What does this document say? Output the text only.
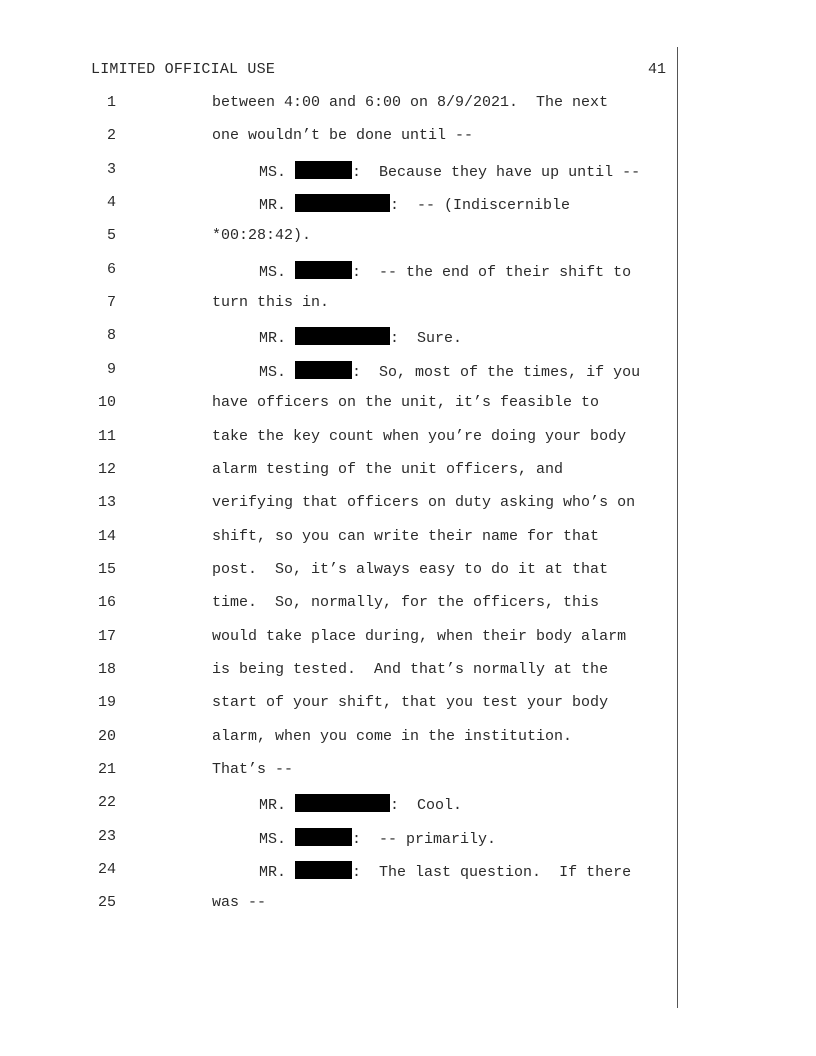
LIMITED OFFICIAL USE	41
1	between 4:00 and 6:00 on 8/9/2021.  The next
2	one wouldn’t be done until --
3	MS.	:  Because they have up until --
4	MR.	:  -- (Indiscernible
5	*00:28:42).
6	MS.	:  -- the end of their shift to
7	turn this in.
8	MR.	:  Sure.
9	MS.	:  So, most of the times, if you
10	have officers on the unit, it’s feasible to
11	take the key count when you’re doing your body
12	alarm testing of the unit officers, and
13	verifying that officers on duty asking who’s on
14	shift, so you can write their name for that
15	post.  So, it’s always easy to do it at that
16	time.  So, normally, for the officers, this
17	would take place during, when their body alarm
18	is being tested.  And that’s normally at the
19	start of your shift, that you test your body
20	alarm, when you come in the institution.
21	That’s --
22	MR.	:  Cool.
23	MS.	:  -- primarily.
24	MR.	:  The last question.  If there
25	was --
